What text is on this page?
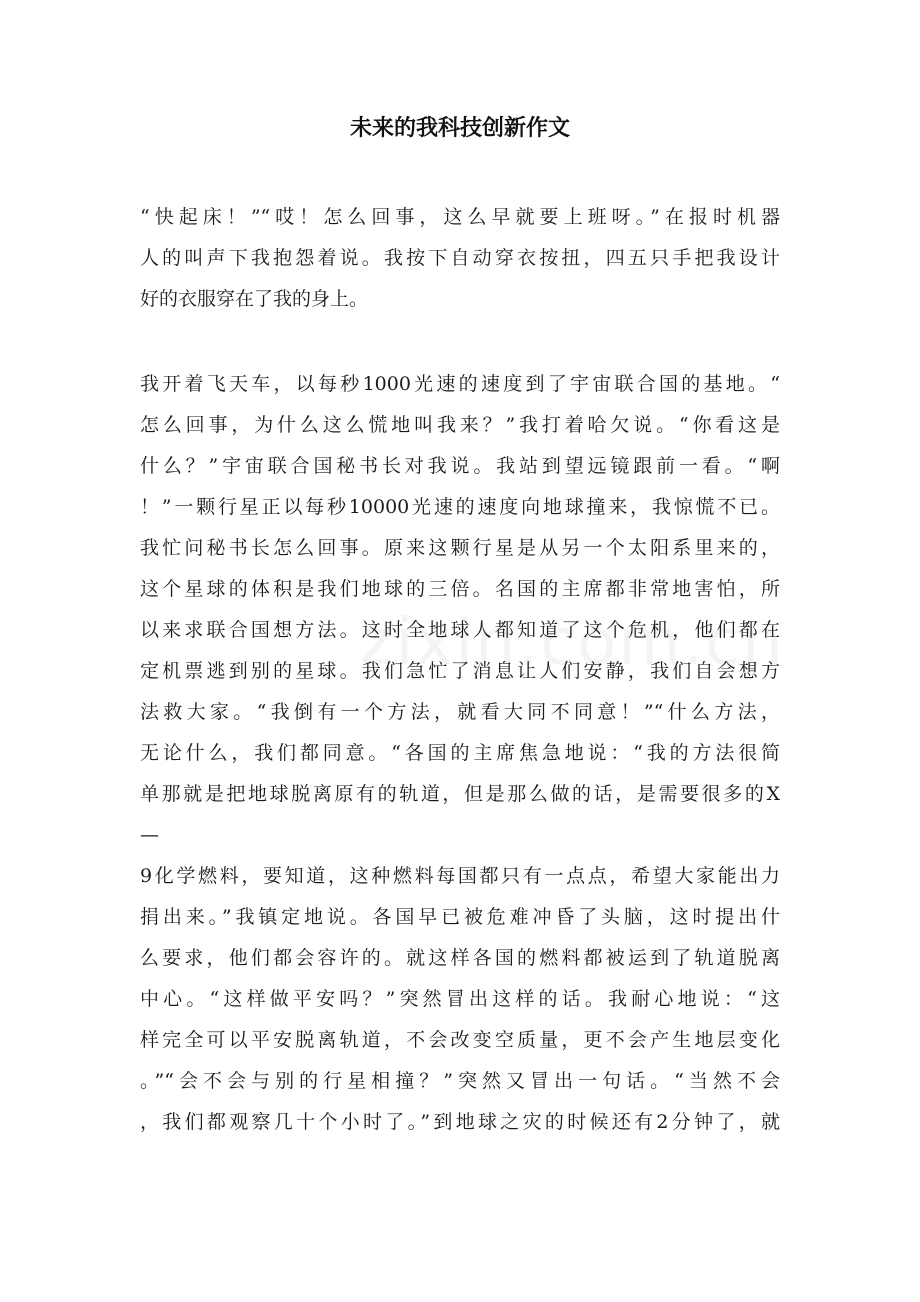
未来的我科技创新作文

“快起床！”“哎！怎么回事，这么早就要上班呀。”在报时机器

人的叫声下我抱怨着说。我按下自动穿衣按扭，四五只手把我设计

好的衣服穿在了我的身上。

我开着飞天车，以每秒1000光速的速度到了宇宙联合国的基地。“

怎么回事，为什么这么慌地叫我来？”我打着哈欠说。“你看这是

什么？”宇宙联合国秘书长对我说。我站到望远镜跟前一看。“啊

！”一颗行星正以每秒10000光速的速度向地球撞来，我惊慌不已。

我忙问秘书长怎么回事。原来这颗行星是从另一个太阳系里来的，

这个星球的体积是我们地球的三倍。名国的主席都非常地害怕，所

以来求联合国想方法。这时全地球人都知道了这个危机，他们都在

定机票逃到别的星球。我们急忙了消息让人们安静，我们自会想方

法救大家。“我倒有一个方法，就看大同不同意！”“什么方法，

无论什么，我们都同意。“各国的主席焦急地说：“我的方法很简

单那就是把地球脱离原有的轨道，但是那么做的话，是需要很多的X

—

9化学燃料，要知道，这种燃料每国都只有一点点，希望大家能出力

捐出来。”我镇定地说。各国早已被危难冲昏了头脑，这时提出什

么要求，他们都会容许的。就这样各国的燃料都被运到了轨道脱离

中心。“这样做平安吗？”突然冒出这样的话。我耐心地说：“这

样完全可以平安脱离轨道，不会改变空质量，更不会产生地层变化

。”“会不会与别的行星相撞？”突然又冒出一句话。“当然不会

，我们都观察几十个小时了。”到地球之灾的时候还有2分钟了，就
